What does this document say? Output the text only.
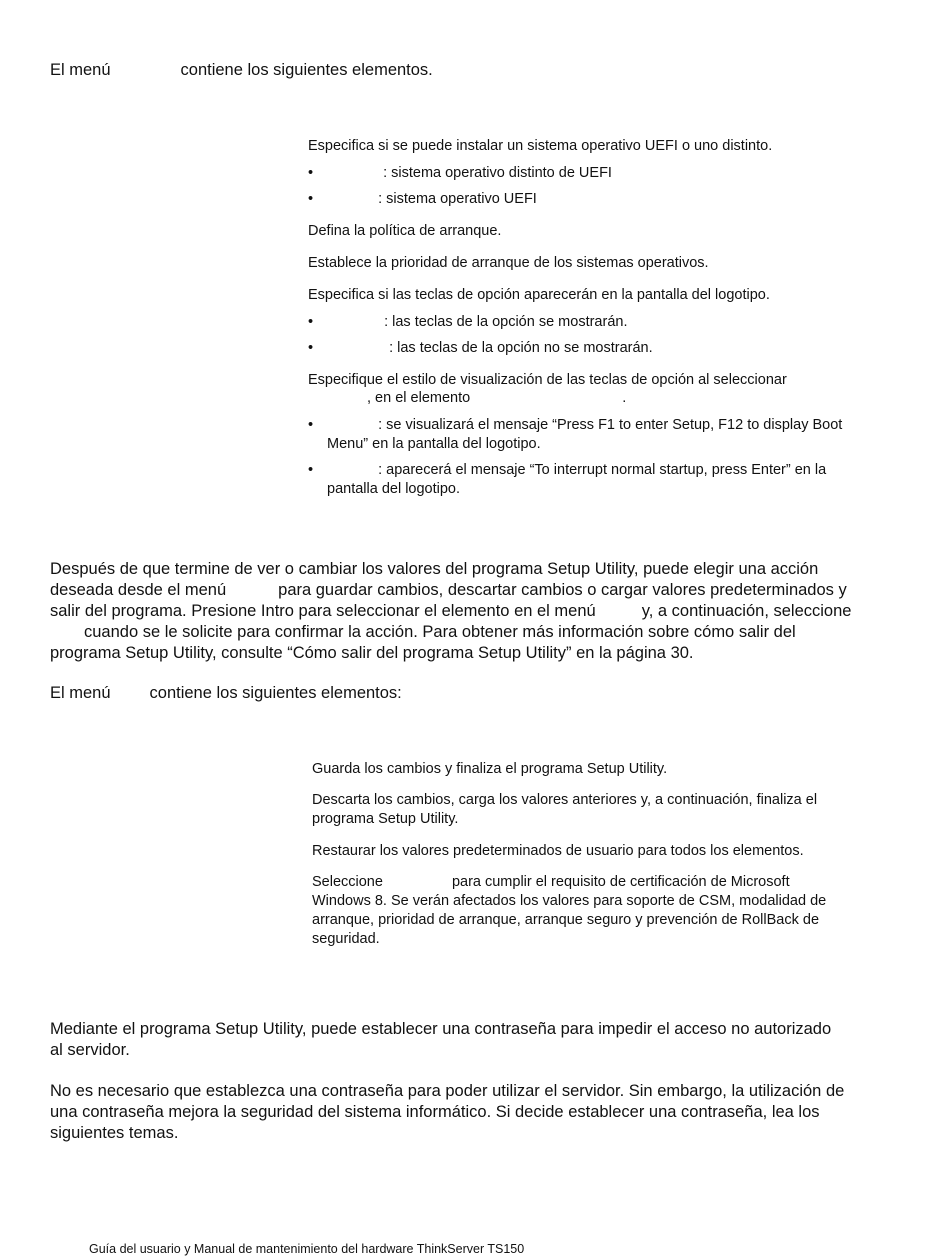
El menú	contiene los siguientes elementos.
Especifica si se puede instalar un sistema operativo UEFI o uno distinto.
•	: sistema operativo distinto de UEFI
•	: sistema operativo UEFI
Defina la política de arranque.
Establece la prioridad de arranque de los sistemas operativos.
Especifica si las teclas de opción aparecerán en la pantalla del logotipo.
•	: las teclas de la opción se mostrarán.
•	: las teclas de la opción no se mostrarán.
Especifique el estilo de visualización de las teclas de opción al seleccionar
, en el elemento	.
•	: se visualizará el mensaje “Press F1 to enter Setup, F12 to display Boot
Menu” en la pantalla del logotipo.
•	: aparecerá el mensaje “To interrupt normal startup, press Enter” en la
pantalla del logotipo.
Después de que termine de ver o cambiar los valores del programa Setup Utility, puede elegir una acción
deseada desde el menú	para guardar cambios, descartar cambios o cargar valores predeterminados y
salir del programa. Presione Intro para seleccionar el elemento en el menú	y, a continuación, seleccione
cuando se le solicite para confirmar la acción. Para obtener más información sobre cómo salir del
programa Setup Utility, consulte “Cómo salir del programa Setup Utility” en la página 30.
El menú contiene los siguientes elementos:
Guarda los cambios y finaliza el programa Setup Utility.
Descarta los cambios, carga los valores anteriores y, a continuación, finaliza el
programa Setup Utility.
Restaurar los valores predeterminados de usuario para todos los elementos.
Seleccione	para cumplir el requisito de certificación de Microsoft
Windows 8. Se verán afectados los valores para soporte de CSM, modalidad de
arranque, prioridad de arranque, arranque seguro y prevención de RollBack de
seguridad.
Mediante el programa Setup Utility, puede establecer una contraseña para impedir el acceso no autorizado
al servidor.
No es necesario que establezca una contraseña para poder utilizar el servidor. Sin embargo, la utilización de
una contraseña mejora la seguridad del sistema informático. Si decide establecer una contraseña, lea los
siguientes temas.
Guía del usuario y Manual de mantenimiento del hardware ThinkServer TS150
